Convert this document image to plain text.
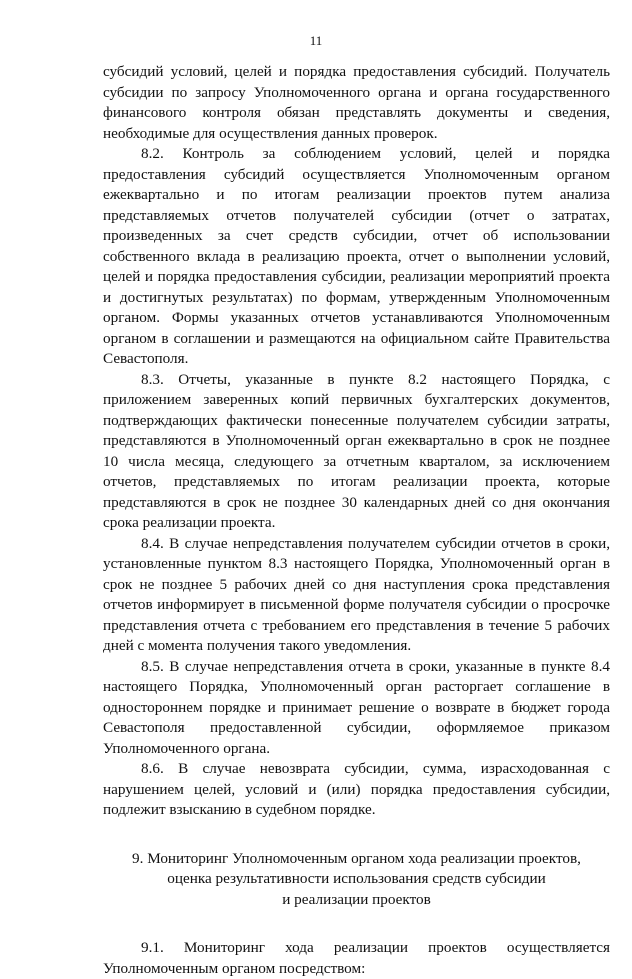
11

субсидий условий, целей и порядка предоставления субсидий. Получатель субсидии по запросу Уполномоченного органа и органа государственного финансового контроля обязан представлять документы и сведения, необходимые для осуществления данных проверок.

8.2. Контроль за соблюдением условий, целей и порядка предоставления субсидий осуществляется Уполномоченным органом ежеквартально и по итогам реализации проектов путем анализа представляемых отчетов получателей субсидии (отчет о затратах, произведенных за счет средств субсидии, отчет об использовании собственного вклада в реализацию проекта, отчет о выполнении условий, целей и порядка предоставления субсидии, реализации мероприятий проекта и достигнутых результатах) по формам, утвержденным Уполномоченным органом. Формы указанных отчетов устанавливаются Уполномоченным органом в соглашении и размещаются на официальном сайте Правительства Севастополя.

8.3. Отчеты, указанные в пункте 8.2 настоящего Порядка, с приложением заверенных копий первичных бухгалтерских документов, подтверждающих фактически понесенные получателем субсидии затраты, представляются в Уполномоченный орган ежеквартально в срок не позднее 10 числа месяца, следующего за отчетным кварталом, за исключением отчетов, представляемых по итогам реализации проекта, которые представляются в срок не позднее 30 календарных дней со дня окончания срока реализации проекта.

8.4. В случае непредставления получателем субсидии отчетов в сроки, установленные пунктом 8.3 настоящего Порядка, Уполномоченный орган в срок не позднее 5 рабочих дней со дня наступления срока представления отчетов информирует в письменной форме получателя субсидии о просрочке представления отчета с требованием его представления в течение 5 рабочих дней с момента получения такого уведомления.

8.5. В случае непредставления отчета в сроки, указанные в пункте 8.4 настоящего Порядка, Уполномоченный орган расторгает соглашение в одностороннем порядке и принимает решение о возврате в бюджет города Севастополя предоставленной субсидии, оформляемое приказом Уполномоченного органа.

8.6. В случае невозврата субсидии, сумма, израсходованная с нарушением целей, условий и (или) порядка предоставления субсидии, подлежит взысканию в судебном порядке.

9. Мониторинг Уполномоченным органом хода реализации проектов,
оценка результативности использования средств субсидии
и реализации проектов

9.1. Мониторинг хода реализации проектов осуществляется Уполномоченным органом посредством:
